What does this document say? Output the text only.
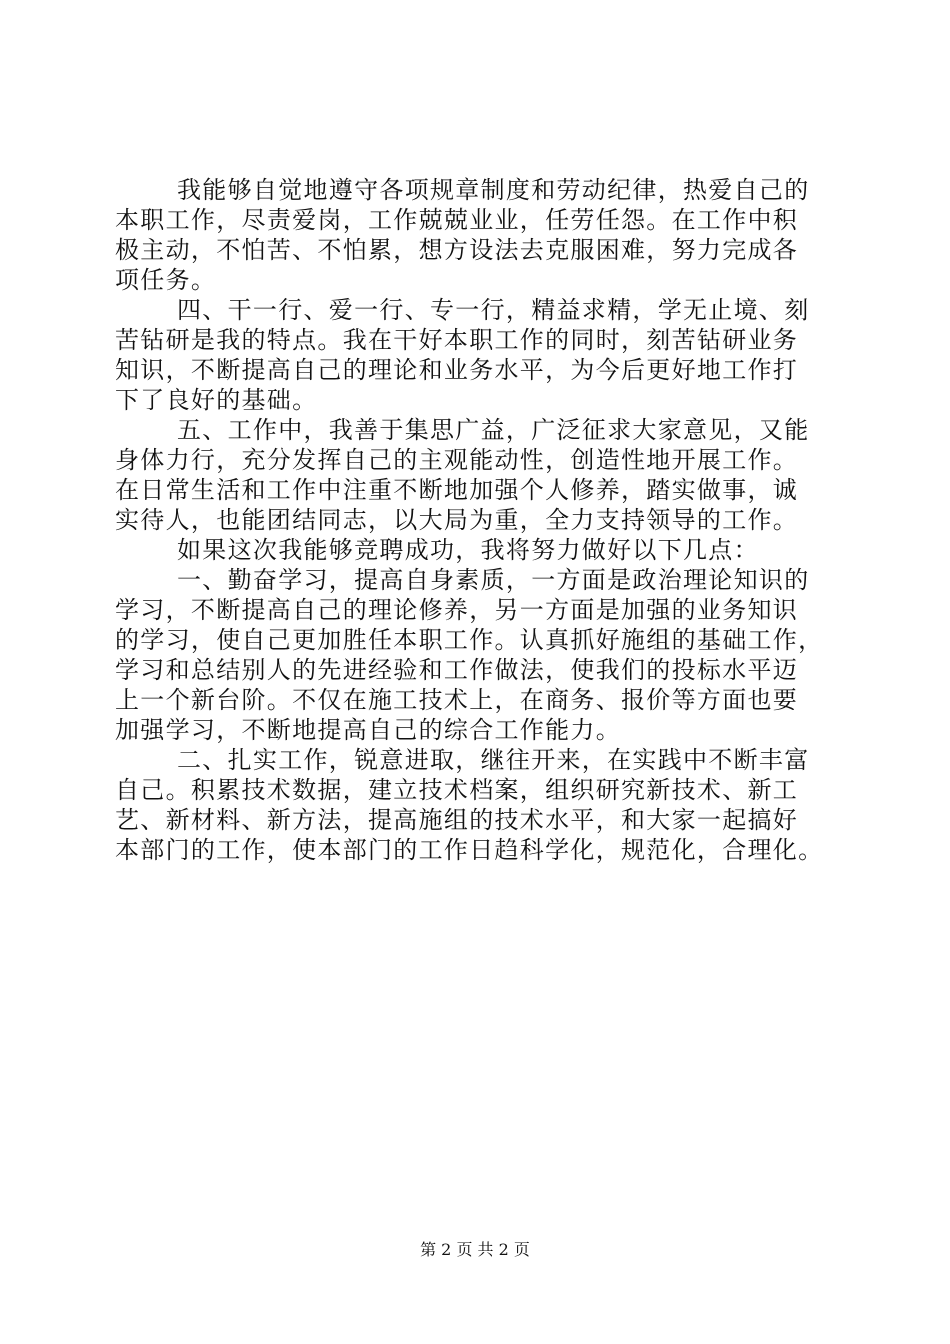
我能够自觉地遵守各项规章制度和劳动纪律，热爱自己的
本职工作，尽责爱岗，工作兢兢业业，任劳任怨。在工作中积
极主动，不怕苦、不怕累，想方设法去克服困难，努力完成各
项任务。
四、干一行、爱一行、专一行，精益求精，学无止境、刻
苦钻研是我的特点。我在干好本职工作的同时，刻苦钻研业务
知识，不断提高自己的理论和业务水平，为今后更好地工作打
下了良好的基础。
五、工作中，我善于集思广益，广泛征求大家意见，又能
身体力行，充分发挥自己的主观能动性，创造性地开展工作。
在日常生活和工作中注重不断地加强个人修养，踏实做事，诚
实待人，也能团结同志，以大局为重，全力支持领导的工作。
如果这次我能够竞聘成功，我将努力做好以下几点：
一、勤奋学习，提高自身素质，一方面是政治理论知识的
学习，不断提高自己的理论修养，另一方面是加强的业务知识
的学习，使自己更加胜任本职工作。认真抓好施组的基础工作，
学习和总结别人的先进经验和工作做法，使我们的投标水平迈
上一个新台阶。不仅在施工技术上，在商务、报价等方面也要
加强学习，不断地提高自己的综合工作能力。
二、扎实工作，锐意进取，继往开来，在实践中不断丰富
自己。积累技术数据，建立技术档案，组织研究新技术、新工
艺、新材料、新方法，提高施组的技术水平，和大家一起搞好
本部门的工作，使本部门的工作日趋科学化，规范化，合理化。
第 2 页 共 2 页
